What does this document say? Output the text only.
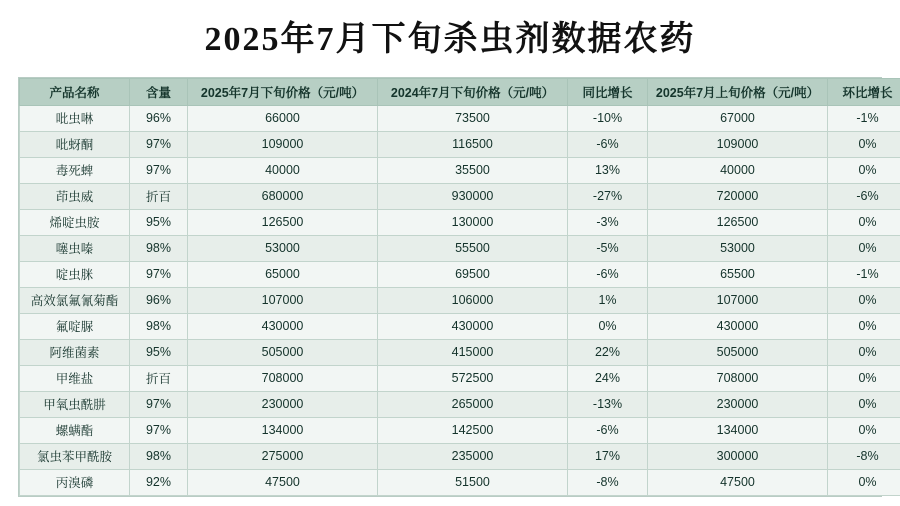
2025年7月下旬杀虫剂数据农药
产品名称	含量	2025年7月下旬价格（元/吨）	2024年7月下旬价格（元/吨）	同比增长	2025年7月上旬价格（元/吨）	环比增长
吡虫啉	96%	66000	73500	-10%	67000	-1%
吡蚜酮	97%	109000	116500	-6%	109000	0%
毒死蜱	97%	40000	35500	13%	40000	0%
茚虫威	折百	680000	930000	-27%	720000	-6%
烯啶虫胺	95%	126500	130000	-3%	126500	0%
噻虫嗪	98%	53000	55500	-5%	53000	0%
啶虫脒	97%	65000	69500	-6%	65500	-1%
高效氯氟氰菊酯	96%	107000	106000	1%	107000	0%
氟啶脲	98%	430000	430000	0%	430000	0%
阿维菌素	95%	505000	415000	22%	505000	0%
甲维盐	折百	708000	572500	24%	708000	0%
甲氧虫酰肼	97%	230000	265000	-13%	230000	0%
螺螨酯	97%	134000	142500	-6%	134000	0%
氯虫苯甲酰胺	98%	275000	235000	17%	300000	-8%
丙溴磷	92%	47500	51500	-8%	47500	0%
